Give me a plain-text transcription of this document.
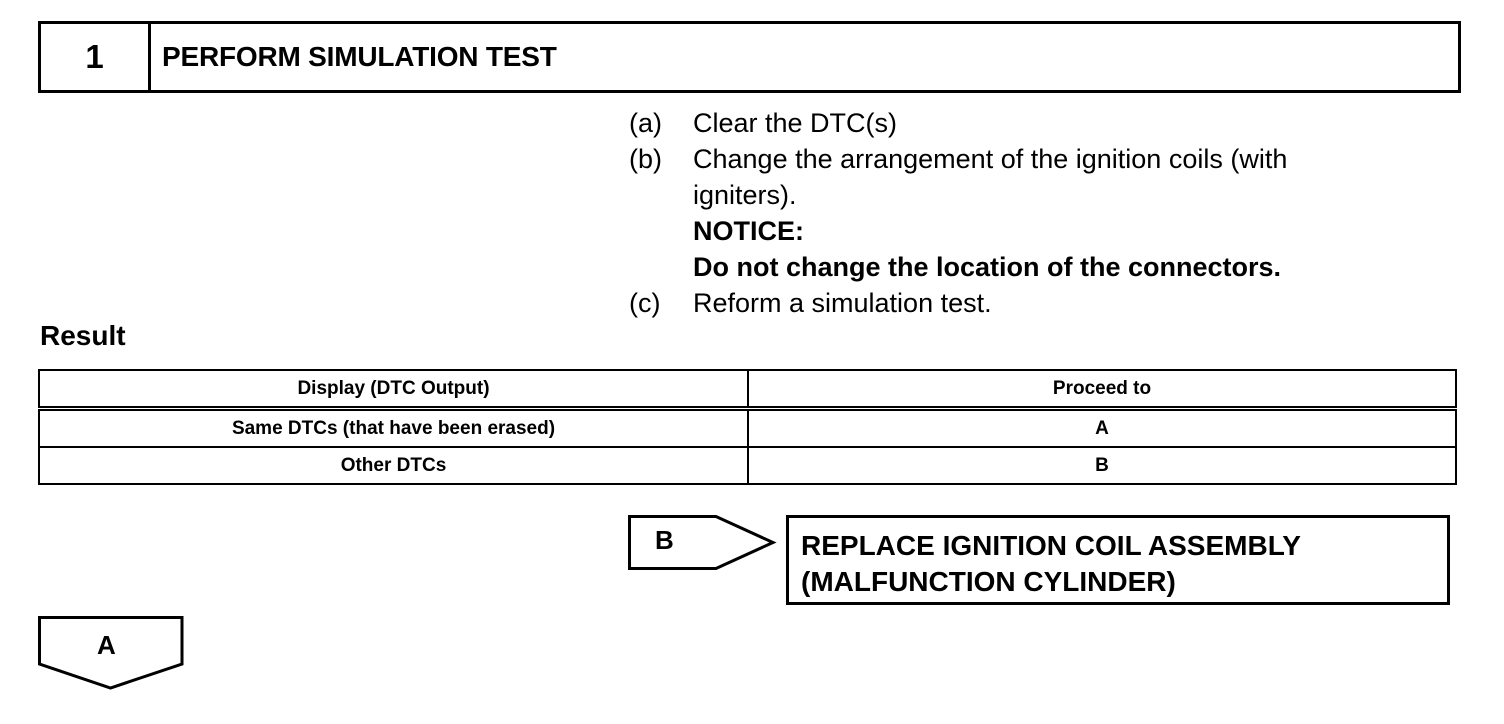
1	PERFORM SIMULATION TEST
(a)	Clear the DTC(s)
(b)	Change the arrangement of the ignition coils (with
igniters).
NOTICE:
Do not change the location of the connectors.
(c)	Reform a simulation test.
Result
Display (DTC Output)	Proceed to
Same DTCs (that have been erased)	A
Other DTCs	B
B	REPLACE IGNITION COIL ASSEMBLY
(MALFUNCTION CYLINDER)
A
